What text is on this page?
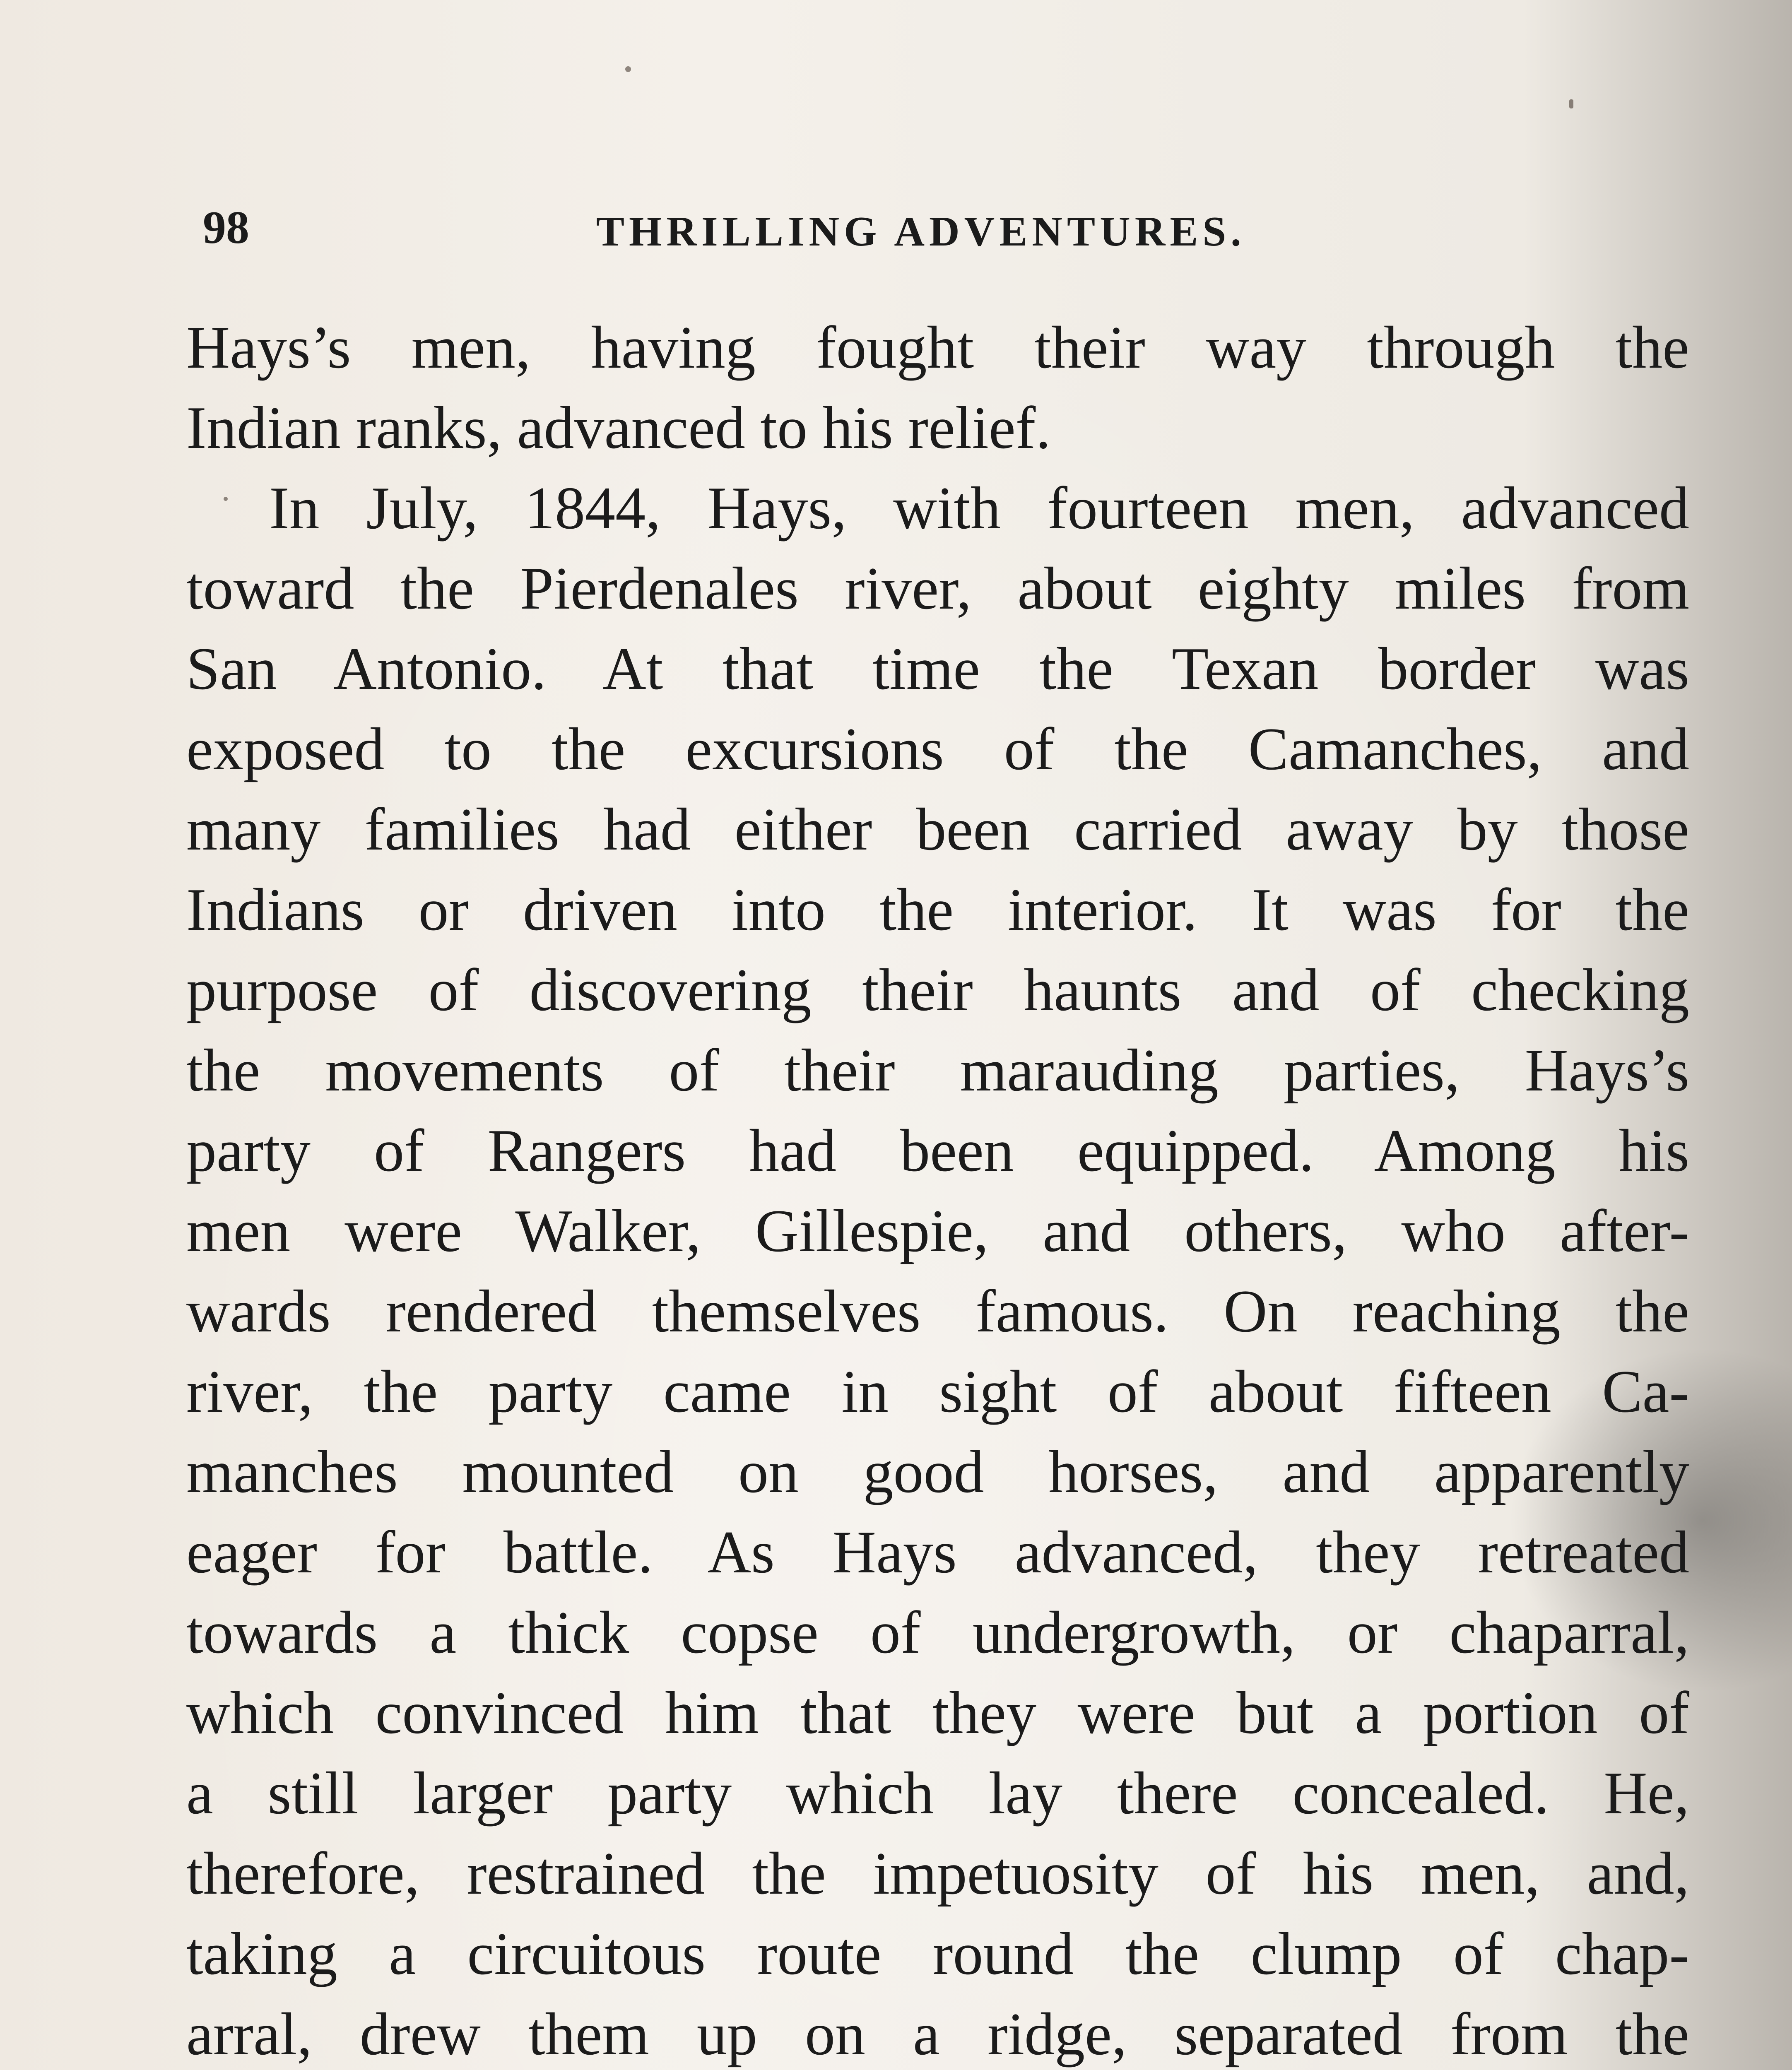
98	THRILLING ADVENTURES.
Hays’s men, having fought their way through the
Indian ranks, advanced to his relief.
In July, 1844, Hays, with fourteen men, advanced
toward the Pierdenales river, about eighty miles from
San Antonio. At that time the Texan border was
exposed to the excursions of the Camanches, and
many families had either been carried away by those
Indians or driven into the interior. It was for the
purpose of discovering their haunts and of checking
the movements of their marauding parties, Hays’s
party of Rangers had been equipped. Among his
men were Walker, Gillespie, and others, who after-
wards rendered themselves famous. On reaching the
river, the party came in sight of about fifteen Ca-
manches mounted on good horses, and apparently
eager for battle. As Hays advanced, they retreated
towards a thick copse of undergrowth, or chaparral,
which convinced him that they were but a portion of
a still larger party which lay there concealed. He,
therefore, restrained the impetuosity of his men, and,
taking a circuitous route round the clump of chap-
arral, drew them up on a ridge, separated from the
